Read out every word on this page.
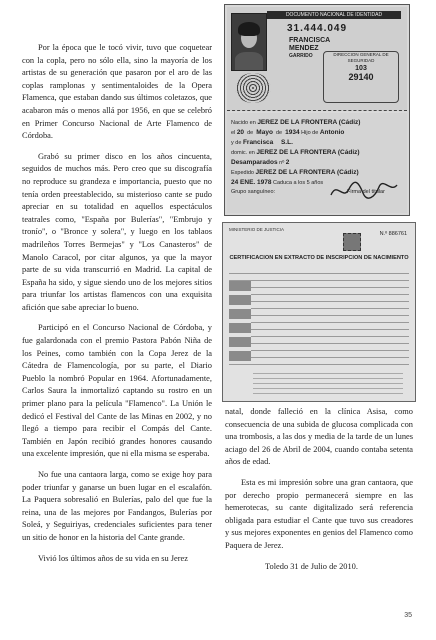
Por la época que le tocó vivir, tuvo que coquetear con la copla, pero no sólo ella, sino la mayoría de los artistas de su generación que pasaron por el aro de las coplas ramplonas y sentimentaloides de la Opera Flamenca, que estaban dando sus últimos coletazos, que acabaron más o menos allá por 1956, en que se celebró en Primer Concurso Nacional de Arte Flamenco de Córdoba.

Grabó su primer disco en los años cincuenta, seguidos de muchos más. Pero creo que su discografía no reproduce su grandeza e importancia, puesto que no tenía orden preestablecido, su misterioso cante se pudo apreciar en su totalidad en aquellos espectáculos teatrales como, "España por Bulerías", "Embrujo y tronío", o "Bronce y solera", y luego en los tablaos madrileños Torres Bermejas" y "Los Canasteros" de Manolo Caracol, por citar algunos, ya que la mayor parte de su vida transcurrió en Madrid. La capital de España ha sido, y sigue siendo uno de los mejores sitios para triunfar los artistas flamencos con una exquisita afición que sabe apreciar lo bueno.

Participó en el Concurso Nacional de Córdoba, y fue galardonada con el premio Pastora Pabón Niña de los Peines, como también con la Copa Jerez de la Cátedra de Flamencología, por su parte, el Diario Pueblo la nombró Popular en 1964. Afortunadamente, Carlos Saura la inmortalizó captando su rostro en un primer plano para la película "Flamenco". La Unión le dedicó el Festival del Cante de las Minas en 2002, y no llegó a tiempo para recibir el Compás del Cante. También en Japón recibió grandes honores causando una excelente impresión, que ni ella misma se esperaba.

No fue una cantaora larga, como se exige hoy para poder triunfar y ganarse un buen lugar en el escalafón. La Paquera sobresalió en Bulerías, palo del que fue la reina, una de las mejores por Fandangos, Bulerías por Soleá, y Seguiriyas, credenciales suficientes para tener un sitio de honor en la historia del Cante grande.

Vivió los últimos años de su vida en su Jerez

DOCUMENTO NACIONAL DE IDENTIDAD
31.444.049
FRANCISCA
MENDEZ
GARRIDO	DIRECCION GENERAL DE SEGURIDAD
103
29140
Nacido en JEREZ DE LA FRONTERA (Cádiz)
el 20  de  Mayo  de  1934 Hijo de Antonio
y de Francisca S.L.
domic. en JEREZ DE LA FRONTERA (Cádiz)
Desamparados nº 2
Expedido JEREZ DE LA FRONTERA (Cádiz)
24 ENE. 1978 Caduca a los 5 años
Grupo sanguíneo:	Firma del titular
MINISTERIO DE JUSTICIA
N.º 886761
CERTIFICACION EN EXTRACTO DE INSCRIPCION DE NACIMIENTO

natal, donde falleció en la clínica Asisa, como consecuencia de una subida de glucosa complicada con una trombosis, a las dos y media de la tarde de un lunes aciago del 26 de Abril de 2004, cuando contaba setenta años de edad.

Esta es mi impresión sobre una gran cantaora, que por derecho propio permanecerá siempre en las hemerotecas, su cante digitalizado será referencia obligada para estudiar el Cante que tuvo sus creadores y sus mejores exponentes en genios del Flamenco como Paquera de Jerez.

Toledo 31 de Julio de 2010.

35
